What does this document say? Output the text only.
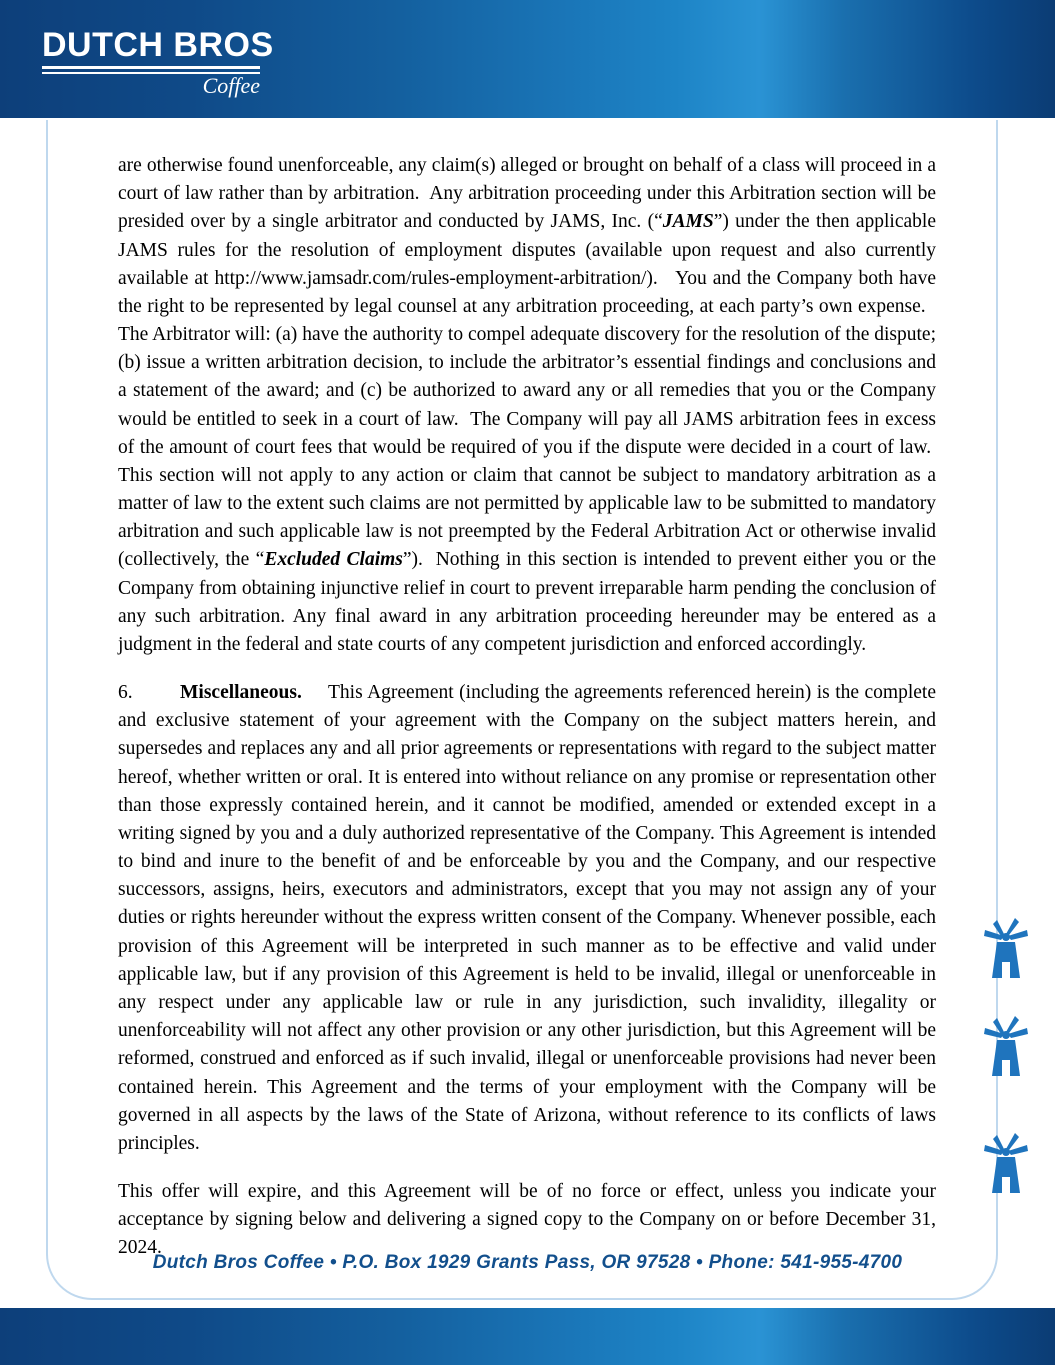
DUTCH BROS
Coffee

are otherwise found unenforceable, any claim(s) alleged or brought on behalf of a class will proceed in a court of law rather than by arbitration.  Any arbitration proceeding under this Arbitration section will be presided over by a single arbitrator and conducted by JAMS, Inc. (“JAMS”) under the then applicable JAMS rules for the resolution of employment disputes (available upon request and also currently available at http://www.jamsadr.com/rules-employment-arbitration/).   You and the Company both have the right to be represented by legal counsel at any arbitration proceeding, at each party’s own expense.   The Arbitrator will: (a) have the authority to compel adequate discovery for the resolution of the dispute; (b) issue a written arbitration decision, to include the arbitrator’s essential findings and conclusions and a statement of the award; and (c) be authorized to award any or all remedies that you or the Company would be entitled to seek in a court of law.  The Company will pay all JAMS arbitration fees in excess of the amount of court fees that would be required of you if the dispute were decided in a court of law.  This section will not apply to any action or claim that cannot be subject to mandatory arbitration as a matter of law to the extent such claims are not permitted by applicable law to be submitted to mandatory arbitration and such applicable law is not preempted by the Federal Arbitration Act or otherwise invalid (collectively, the “Excluded Claims”).  Nothing in this section is intended to prevent either you or the Company from obtaining injunctive relief in court to prevent irreparable harm pending the conclusion of any such arbitration. Any final award in any arbitration proceeding hereunder may be entered as a judgment in the federal and state courts of any competent jurisdiction and enforced accordingly.

6. Miscellaneous. This Agreement (including the agreements referenced herein) is the complete and exclusive statement of your agreement with the Company on the subject matters herein, and supersedes and replaces any and all prior agreements or representations with regard to the subject matter hereof, whether written or oral. It is entered into without reliance on any promise or representation other than those expressly contained herein, and it cannot be modified, amended or extended except in a writing signed by you and a duly authorized representative of the Company. This Agreement is intended to bind and inure to the benefit of and be enforceable by you and the Company, and our respective successors, assigns, heirs, executors and administrators, except that you may not assign any of your duties or rights hereunder without the express written consent of the Company. Whenever possible, each provision of this Agreement will be interpreted in such manner as to be effective and valid under applicable law, but if any provision of this Agreement is held to be invalid, illegal or unenforceable in any respect under any applicable law or rule in any jurisdiction, such invalidity, illegality or unenforceability will not affect any other provision or any other jurisdiction, but this Agreement will be reformed, construed and enforced as if such invalid, illegal or unenforceable provisions had never been contained herein. This Agreement and the terms of your employment with the Company will be governed in all aspects by the laws of the State of Arizona, without reference to its conflicts of laws principles.

This offer will expire, and this Agreement will be of no force or effect, unless you indicate your acceptance by signing below and delivering a signed copy to the Company on or before December 31, 2024.

Dutch Bros Coffee • P.O. Box 1929 Grants Pass, OR 97528 • Phone: 541-955-4700
